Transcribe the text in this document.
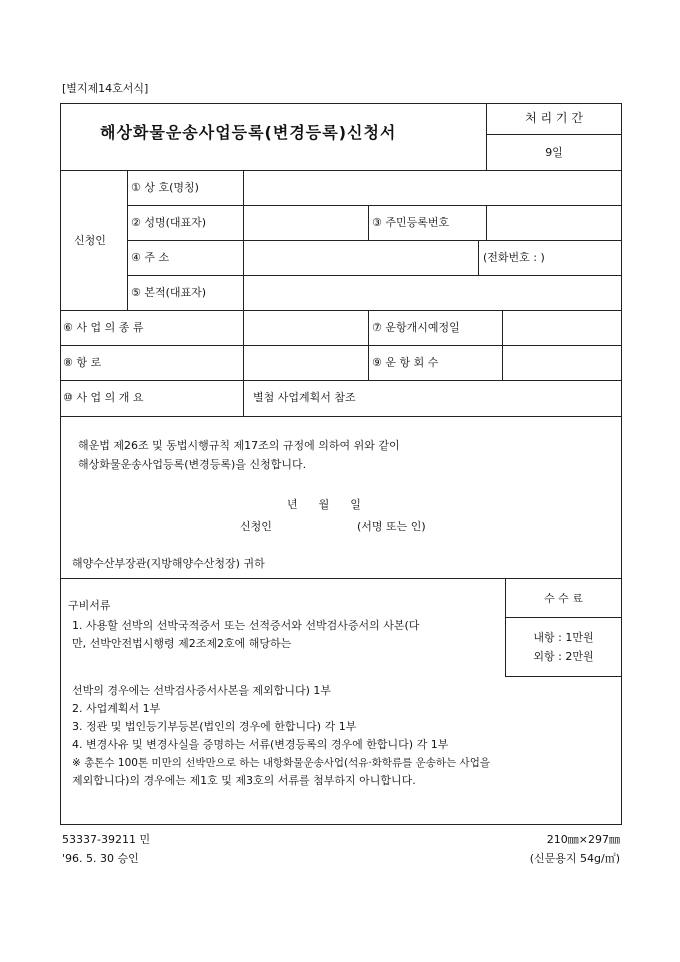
[별지제14호서식]
해상화물운송사업등록(변경등록)신청서
처 리 기 간
9일
신청인
① 상 호(명칭)
② 성명(대표자)	③ 주민등록번호
④ 주 소	(전화번호 : )
⑤ 본적(대표자)
⑥ 사 업 의 종 류	⑦ 운항개시예정일
⑧ 항 로	⑨ 운 항 회 수
⑩ 사 업 의 개 요	별첨 사업계획서 참조
해운법 제26조 및 동법시행규칙 제17조의 규정에 의하여 위와 같이
해상화물운송사업등록(변경등록)을 신청합니다.
년      월      일
신청인	(서명 또는 인)
해양수산부장관(지방해양수산청장) 귀하
구비서류

1. 사용할 선박의 선박국적증서 또는 선적증서와 선박검사증서의 사본(다

만, 선박안전법시행령 제2조제2호에 해당하는

선박의 경우에는 선박검사증서사본을 제외합니다) 1부

2. 사업계획서 1부

3. 정관 및 법인등기부등본(법인의 경우에 한합니다) 각 1부

4. 변경사유 및 변경사실을 증명하는 서류(변경등록의 경우에 한합니다) 각 1부

※ 총톤수 100톤 미만의 선박만으로 하는 내항화물운송사업(석유·화학류를 운송하는 사업을

제외합니다)의 경우에는 제1호 및 제3호의 서류를 첨부하지 아니합니다.

수 수 료
내항 : 1만원
외항 : 2만원
53337-39211 민	210㎜×297㎜
'96. 5. 30 승인	(신문용지 54g/㎡)
